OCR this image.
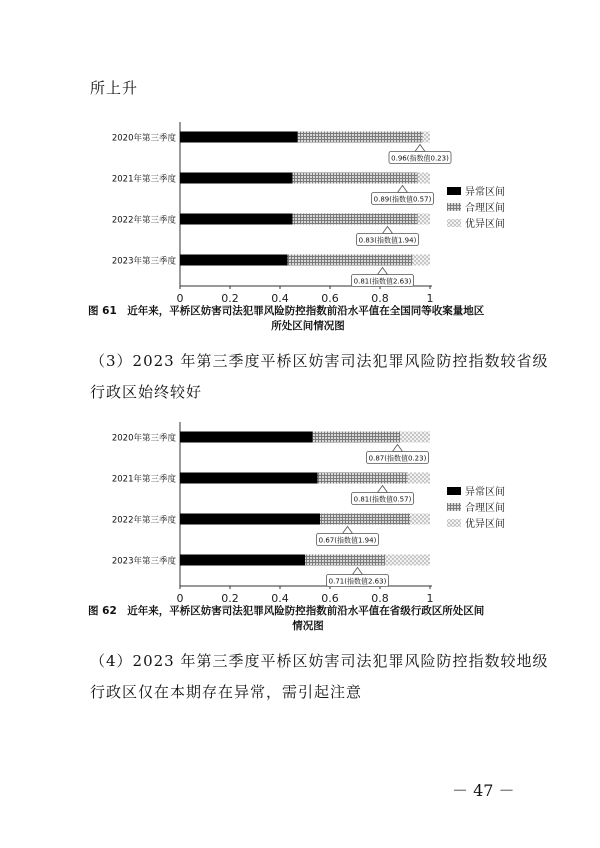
所上升

0	0.2	0.4	0.6	0.8	1
2020年第三季度
0.96(指数值0.23)
2021年第三季度
0.89(指数值0.57)
2022年第三季度
0.83(指数值1.94)
2023年第三季度
0.81(指数值2.63)
异常区间
合理区间
优异区间
图 61　近年来，平桥区妨害司法犯罪风险防控指数前沿水平值在全国同等收案量地区
所处区间情况图

（3）2023 年第三季度平桥区妨害司法犯罪风险防控指数较省级

行政区始终较好

0	0.2	0.4	0.6	0.8	1
2020年第三季度
0.87(指数值0.23)
2021年第三季度
0.81(指数值0.57)
2022年第三季度
0.67(指数值1.94)
2023年第三季度
0.71(指数值2.63)
异常区间
合理区间
优异区间
图 62　近年来，平桥区妨害司法犯罪风险防控指数前沿水平值在省级行政区所处区间
情况图

（4）2023 年第三季度平桥区妨害司法犯罪风险防控指数较地级

行政区仅在本期存在异常，需引起注意

－ 47 －
